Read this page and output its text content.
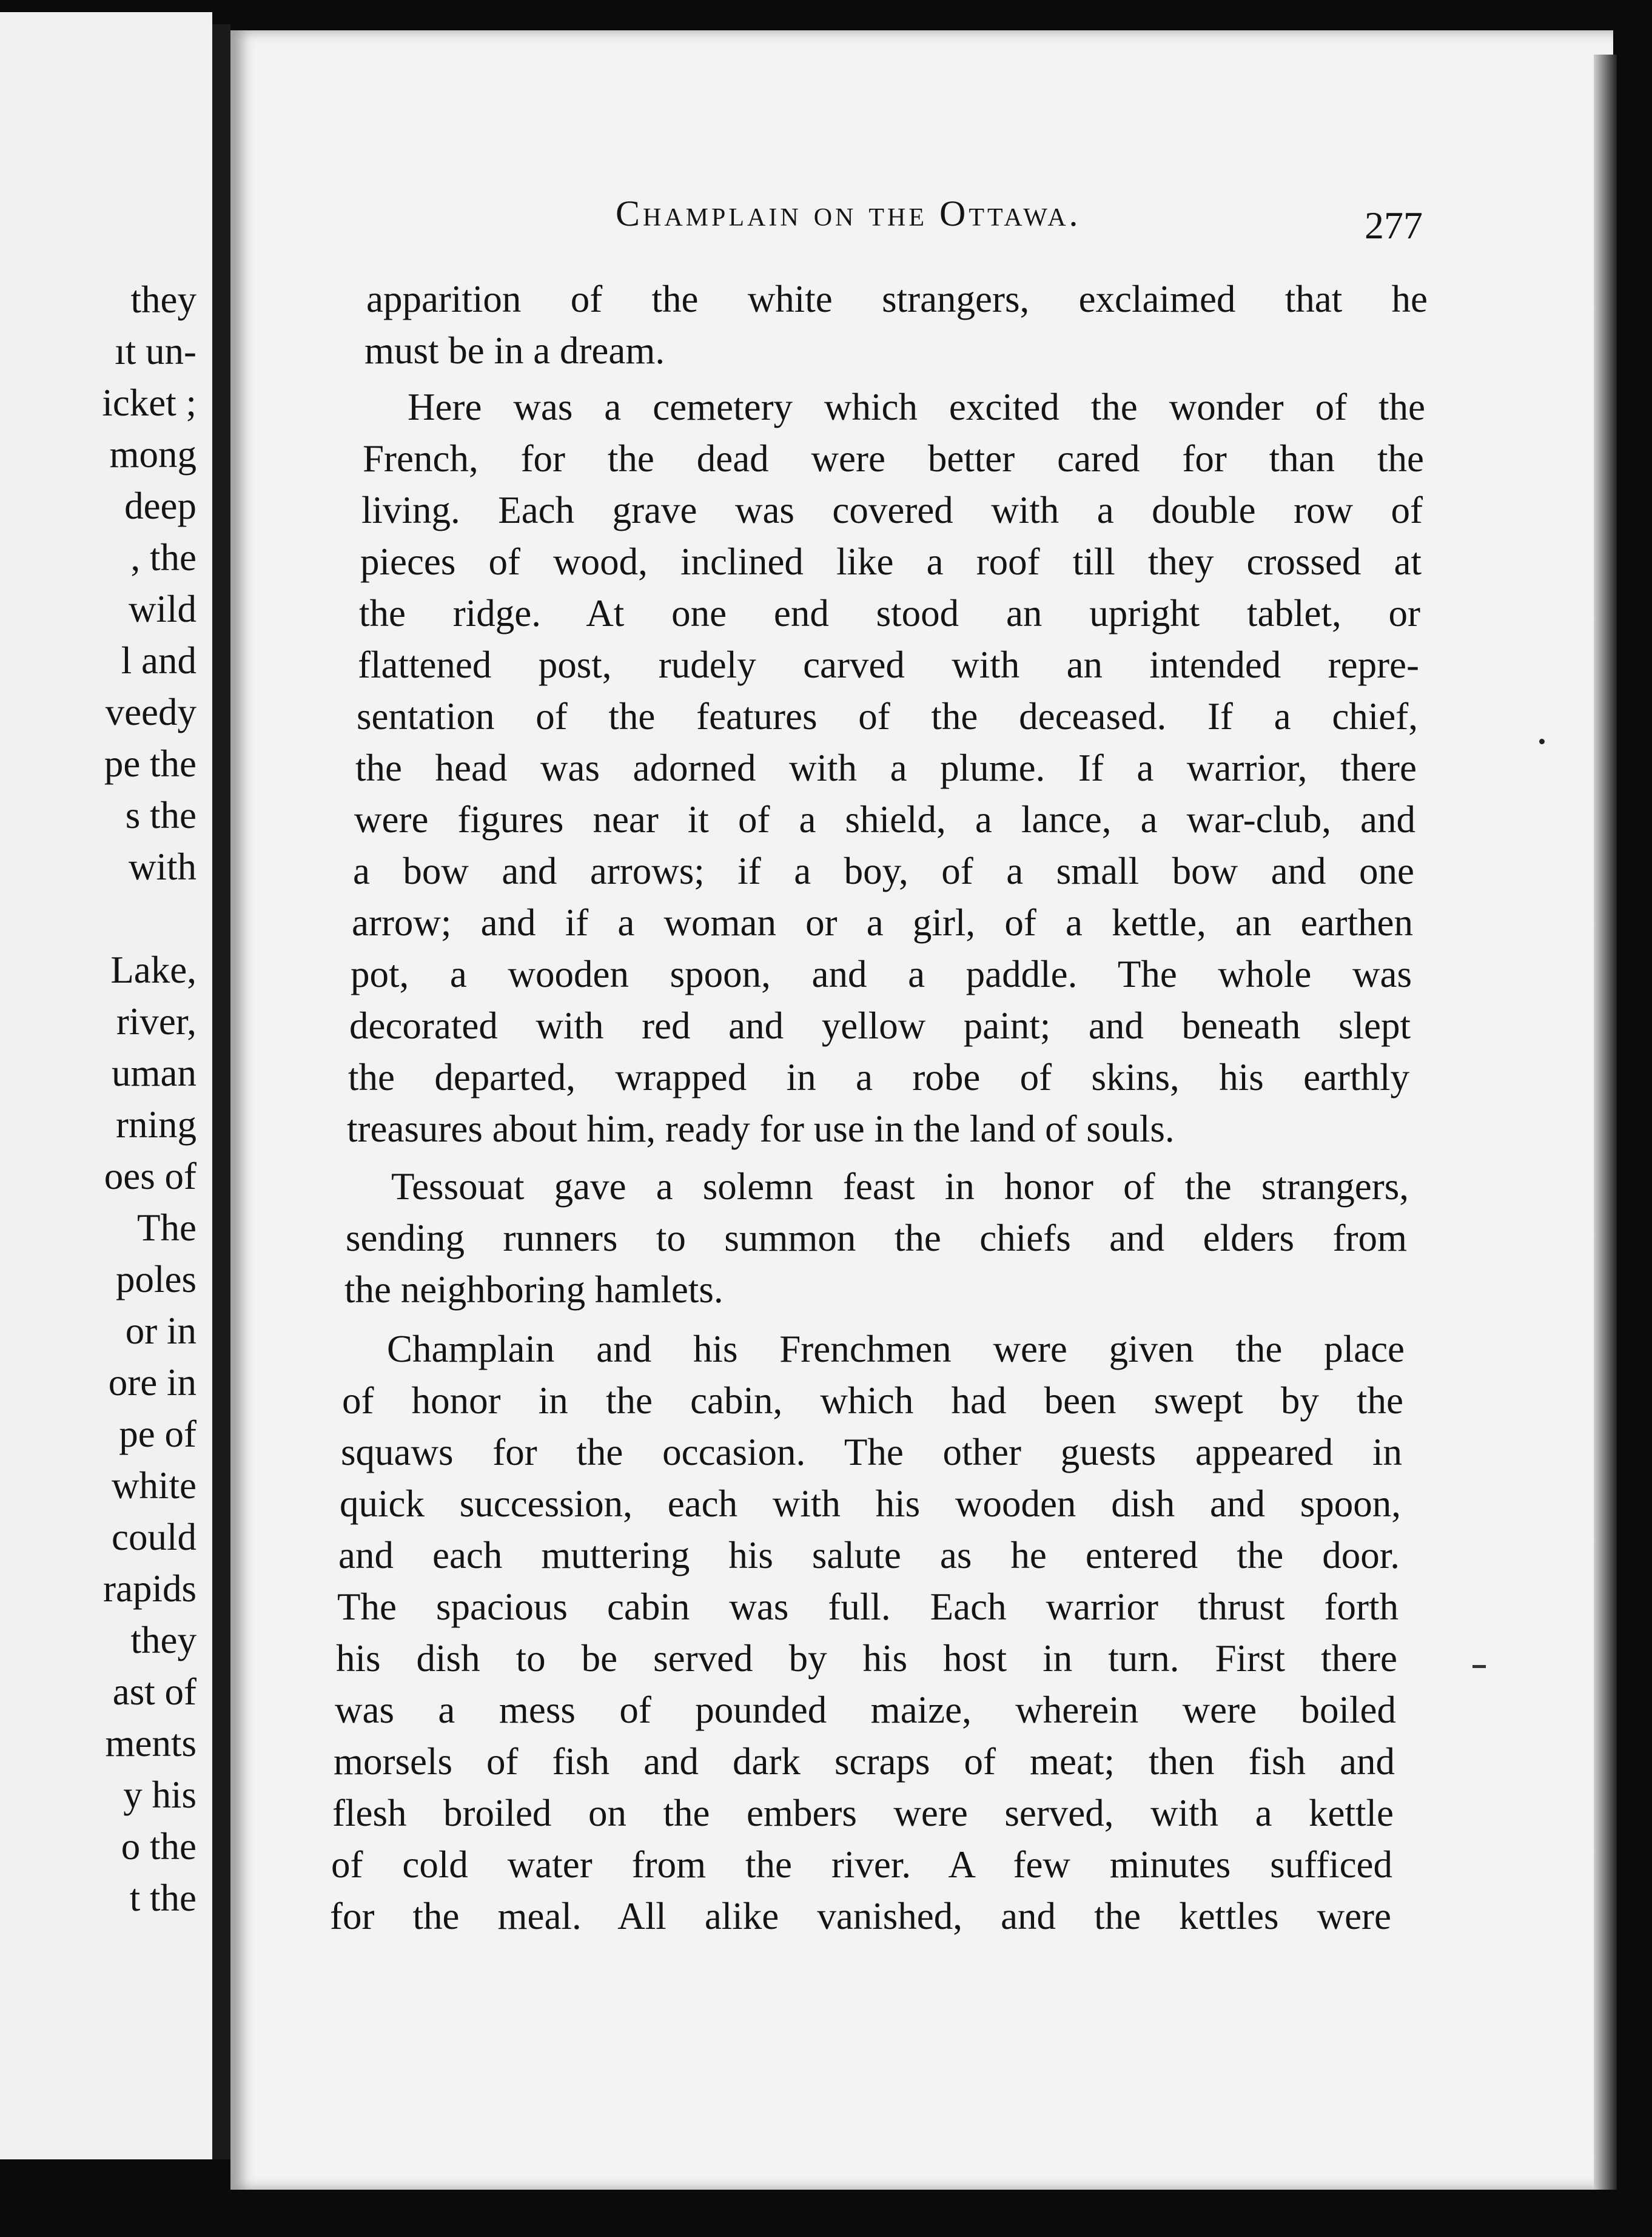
they
ıt un-
icket ;
mong
deep
, the
wild
l and
veedy
pe the
s the
with
Lake,
river,
uman
rning
oes of
The
poles
or in
ore in
pe of
white
could
rapids
they
ast of
ments
y his
o the
t the
Champlain on the Ottawa.	277
apparition of the white strangers, exclaimed that he
must be in a dream.
Here was a cemetery which excited the wonder of the
French, for the dead were better cared for than the
living. Each grave was covered with a double row of
pieces of wood, inclined like a roof till they crossed at
the ridge. At one end stood an upright tablet, or
flattened post, rudely carved with an intended repre-
sentation of the features of the deceased. If a chief,
the head was adorned with a plume. If a warrior, there
were figures near it of a shield, a lance, a war-club, and
a bow and arrows; if a boy, of a small bow and one
arrow; and if a woman or a girl, of a kettle, an earthen
pot, a wooden spoon, and a paddle. The whole was
decorated with red and yellow paint; and beneath slept
the departed, wrapped in a robe of skins, his earthly
treasures about him, ready for use in the land of souls.
Tessouat gave a solemn feast in honor of the strangers,
sending runners to summon the chiefs and elders from
the neighboring hamlets.
Champlain and his Frenchmen were given the place
of honor in the cabin, which had been swept by the
squaws for the occasion. The other guests appeared in
quick succession, each with his wooden dish and spoon,
and each muttering his salute as he entered the door.
The spacious cabin was full. Each warrior thrust forth
his dish to be served by his host in turn. First there
was a mess of pounded maize, wherein were boiled
morsels of fish and dark scraps of meat; then fish and
flesh broiled on the embers were served, with a kettle
of cold water from the river. A few minutes sufficed
for the meal. All alike vanished, and the kettles were
